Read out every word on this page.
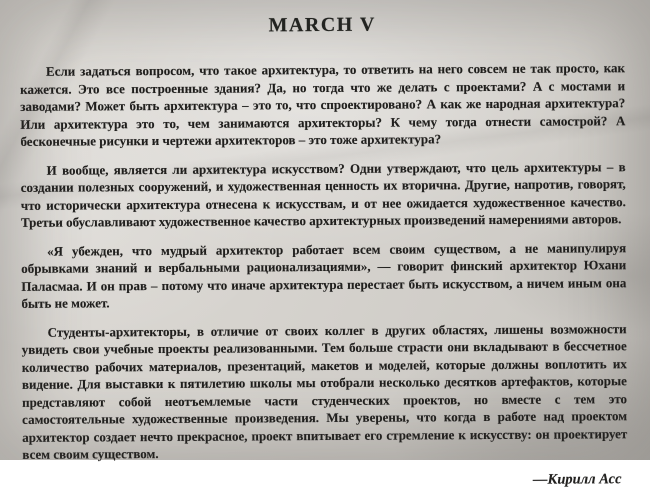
MARCH V

Если задаться вопросом, что такое архитектура, то ответить на него совсем не так просто, как кажется. Это все построенные здания? Да, но тогда что же делать с проектами? А с мостами и заводами? Может быть архитектура – это то, что спроектировано? А как же народная архитектура? Или архитектура это то, чем занимаются архитекторы? К чему тогда отнести самострой? А бесконечные рисунки и чертежи архитекторов – это тоже архитектура?

И вообще, является ли архитектура искусством? Одни утверждают, что цель архитектуры – в создании полезных сооружений, и художественная ценность их вторична. Другие, напротив, говорят, что исторически архитектура отнесена к искусствам, и от нее ожидается художественное качество. Третьи обуславливают художественное качество архитектурных произведений намерениями авторов.

«Я убежден, что мудрый архитектор работает всем своим существом, а не манипулируя обрывками знаний и вербальными рационализациями», — говорит финский архитектор Юхани Паласмаа. И он прав – потому что иначе архитектура перестает быть искусством, а ничем иным она быть не может.

Студенты-архитекторы, в отличие от своих коллег в других областях, лишены возможности увидеть свои учебные проекты реализованными. Тем больше страсти они вкладывают в бессчетное количество рабочих материалов, презентаций, макетов и моделей, которые должны воплотить их видение. Для выставки к пятилетию школы мы отобрали несколько десятков артефактов, которые представляют собой неотъемлемые части студенческих проектов, но вместе с тем это самостоятельные художественные произведения. Мы уверены, что когда в работе над проектом архитектор создает нечто прекрасное, проект впитывает его стремление к искусству: он проектирует всем своим существом.

—Кирилл Асс
